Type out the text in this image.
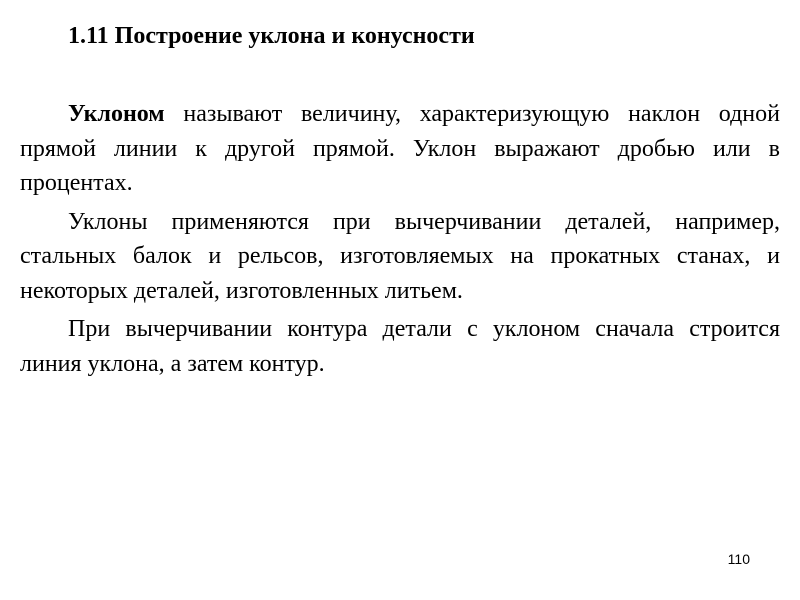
1.11 Построение уклона и конусности

Уклоном называют величину, характеризующую наклон одной прямой линии к другой прямой. Уклон выражают дробью или в процентах.

Уклоны применяются при вычерчивании деталей, например, стальных балок и рельсов, изготовляемых на прокатных станах, и некоторых деталей, изготовленных литьем.

При вычерчивании контура детали с уклоном сначала строится линия уклона, а затем контур.

110
